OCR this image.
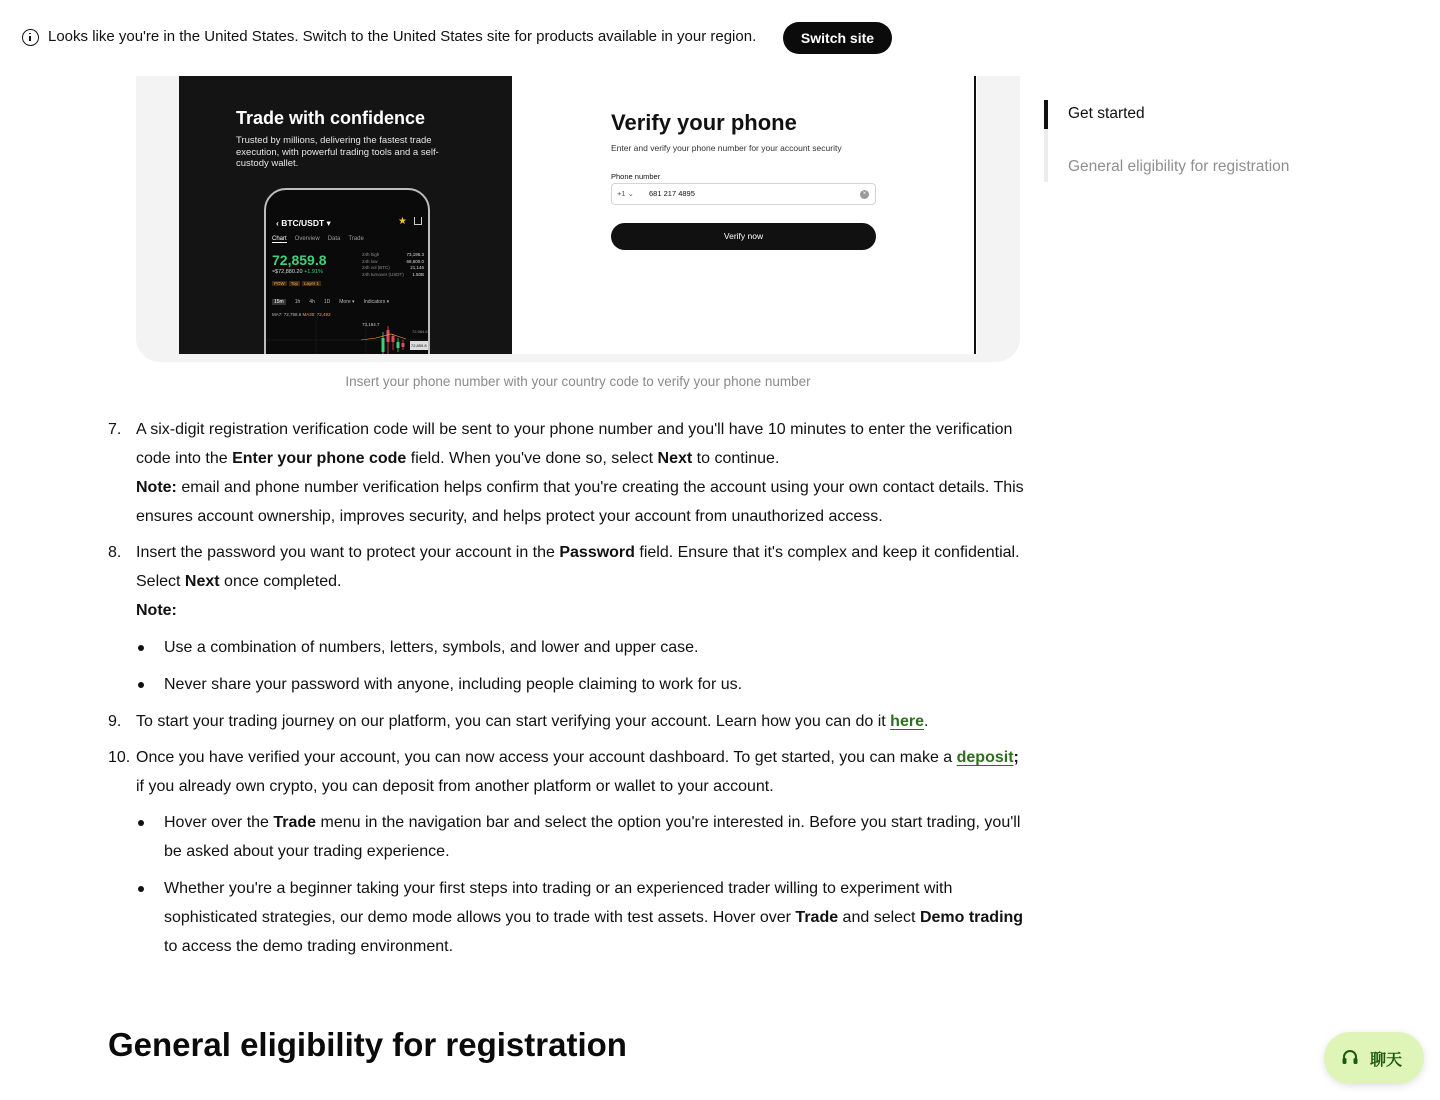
Looks like you're in the United States. Switch to the United States site for products available in your region.	Switch site
Trade with confidence
Trusted by millions, delivering the fastest trade execution, with powerful trading tools and a self-custody wallet.
‹ BTC/USDT ▾	★
Chart Overview Data Trade
72,859.8
≈$72,880.20 +1.91%
24h high	73,195.3
24h low	68,600.0
24h vol (BTC)	21,146
24h turnover (USDT) 1.50B
POW Top Layer 1
15m 1h 4h 1D More ▾ Indicators ▾
MA7: 72,758.6 MA30: 72,492
73,194.7
72,984.6
72,859.8
Verify your phone
Enter and verify your phone number for your account security
Phone number
+1 ⌄ 681 217 4895	×
Verify now
Insert your phone number with your country code to verify your phone number
7. A six-digit registration verification code will be sent to your phone number and you'll have 10 minutes to enter the verification code into the Enter your phone code field. When you've done so, select Next to continue.

Note: email and phone number verification helps confirm that you're creating the account using your own contact details. This ensures account ownership, improves security, and helps protect your account from unauthorized access.

8. Insert the password you want to protect your account in the Password field. Ensure that it's complex and keep it confidential. Select Next once completed.

Note:

Use a combination of numbers, letters, symbols, and lower and upper case.
Never share your password with anyone, including people claiming to work for us.
9. To start your trading journey on our platform, you can start verifying your account. Learn how you can do it here.

10. Once you have verified your account, you can now access your account dashboard. To get started, you can make a deposit; if you already own crypto, you can deposit from another platform or wallet to your account.

Hover over the Trade menu in the navigation bar and select the option you're interested in. Before you start trading, you'll be asked about your trading experience.
Whether you're a beginner taking your first steps into trading or an experienced trader willing to experiment with sophisticated strategies, our demo mode allows you to trade with test assets. Hover over Trade and select Demo trading to access the demo trading environment.
General eligibility for registration
Get started
General eligibility for registration
聊天
